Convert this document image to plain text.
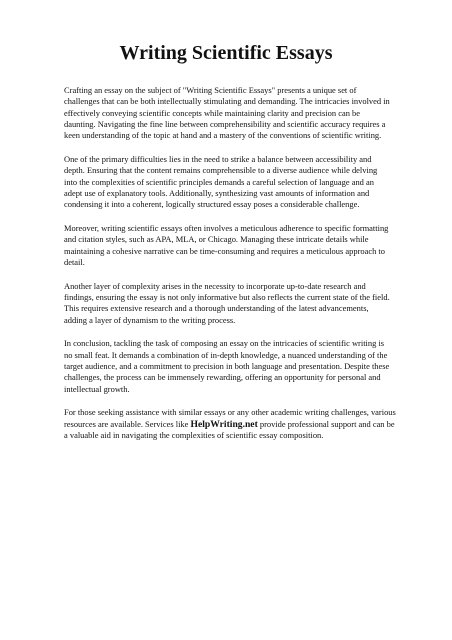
Writing Scientific Essays

Crafting an essay on the subject of "Writing Scientific Essays" presents a unique set of
challenges that can be both intellectually stimulating and demanding. The intricacies involved in
effectively conveying scientific concepts while maintaining clarity and precision can be
daunting. Navigating the fine line between comprehensibility and scientific accuracy requires a
keen understanding of the topic at hand and a mastery of the conventions of scientific writing.

One of the primary difficulties lies in the need to strike a balance between accessibility and
depth. Ensuring that the content remains comprehensible to a diverse audience while delving
into the complexities of scientific principles demands a careful selection of language and an
adept use of explanatory tools. Additionally, synthesizing vast amounts of information and
condensing it into a coherent, logically structured essay poses a considerable challenge.

Moreover, writing scientific essays often involves a meticulous adherence to specific formatting
and citation styles, such as APA, MLA, or Chicago. Managing these intricate details while
maintaining a cohesive narrative can be time-consuming and requires a meticulous approach to
detail.

Another layer of complexity arises in the necessity to incorporate up-to-date research and
findings, ensuring the essay is not only informative but also reflects the current state of the field.
This requires extensive research and a thorough understanding of the latest advancements,
adding a layer of dynamism to the writing process.

In conclusion, tackling the task of composing an essay on the intricacies of scientific writing is
no small feat. It demands a combination of in-depth knowledge, a nuanced understanding of the
target audience, and a commitment to precision in both language and presentation. Despite these
challenges, the process can be immensely rewarding, offering an opportunity for personal and
intellectual growth.

For those seeking assistance with similar essays or any other academic writing challenges, various
resources are available. Services like HelpWriting.net provide professional support and can be
a valuable aid in navigating the complexities of scientific essay composition.
